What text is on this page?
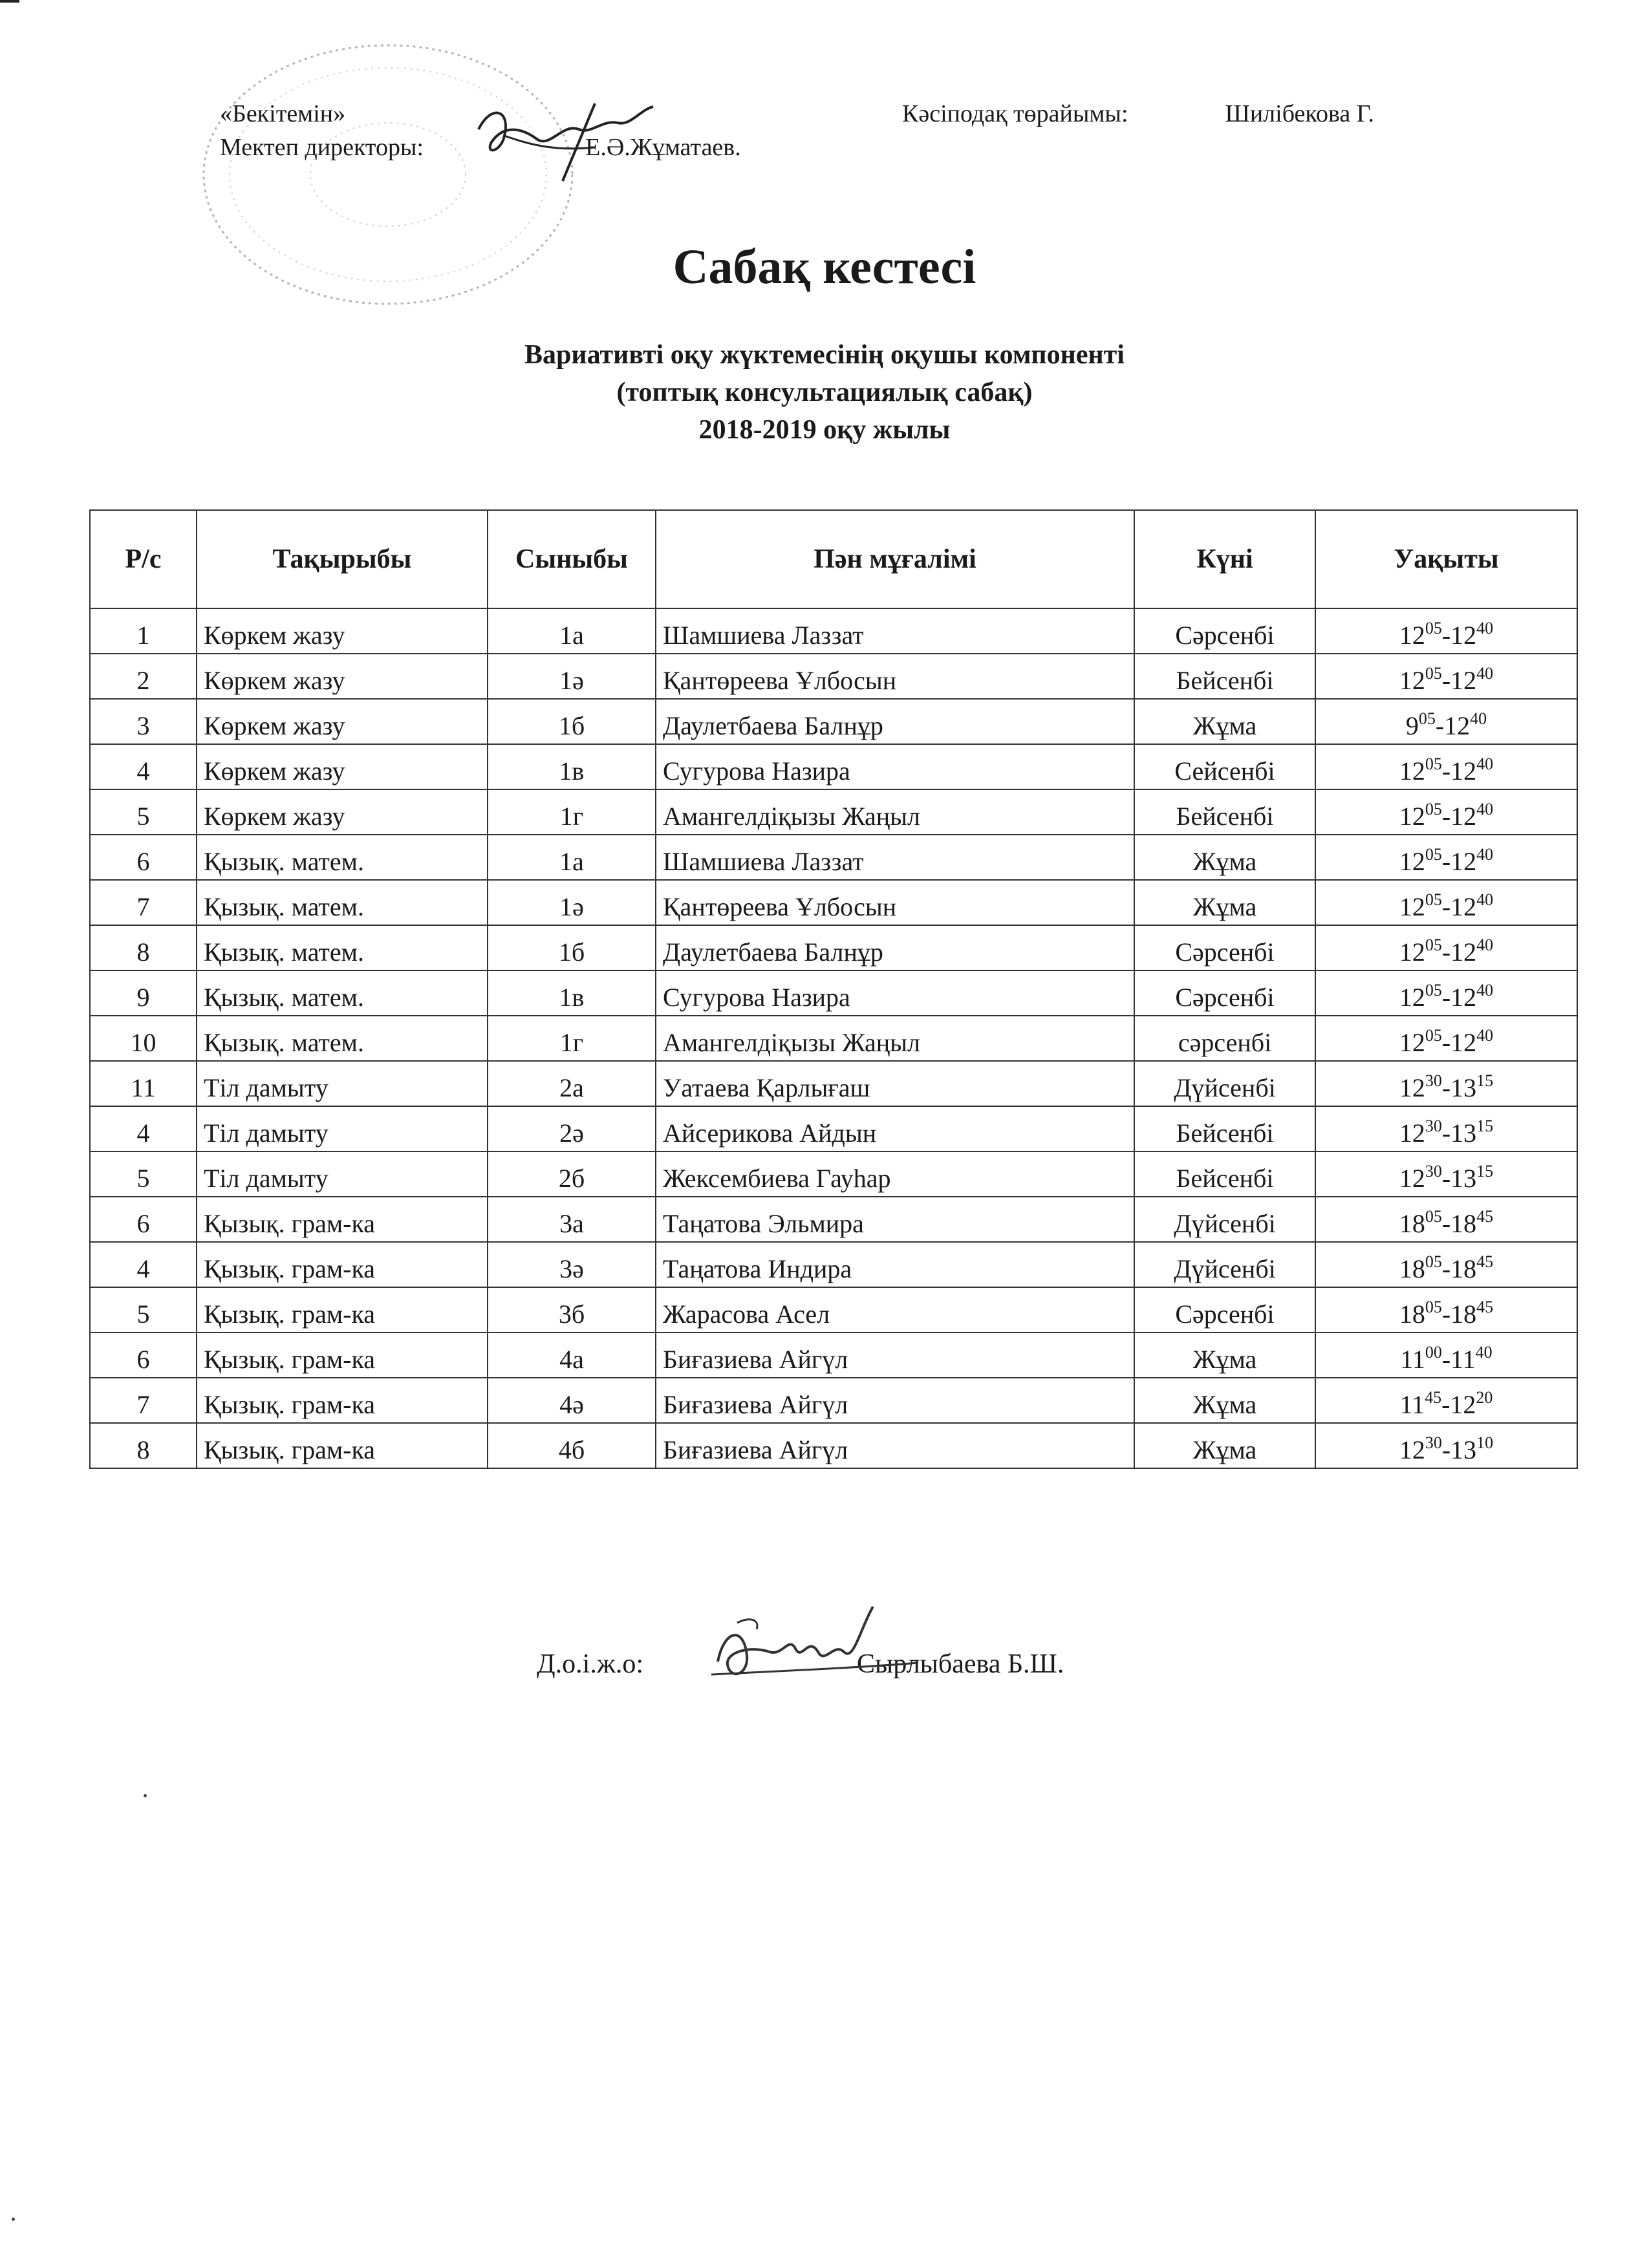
«Бекітемін»
Мектеп директоры:	Е.Ә.Жұматаев.
Кәсіподақ төрайымы:	Шилібекова Г.
Сабақ кестесі
Вариативті оқу жүктемесінің оқушы компоненті
(топтық консультациялық сабақ)
2018-2019 оқу жылы
Р/с	Тақырыбы	Сыныбы	Пән мұғалімі	Күні	Уақыты
1	Көркем жазу	1а	Шамшиева Лаззат	Сәрсенбі	$12^{05}-12^{40}$
2	Көркем жазу	1ә	Қантөреева Ұлбосын	Бейсенбі	$12^{05}-12^{40}$
3	Көркем жазу	1б	Даулетбаева Балнұр	Жұма	$9^{05}-12^{40}$
4	Көркем жазу	1в	Сугурова Назира	Сейсенбі	$12^{05}-12^{40}$
5	Көркем жазу	1г	Амангелдіқызы Жаңыл	Бейсенбі	$12^{05}-12^{40}$
6	Қызық. матем.	1а	Шамшиева Лаззат	Жұма	$12^{05}-12^{40}$
7	Қызық. матем.	1ә	Қантөреева Ұлбосын	Жұма	$12^{05}-12^{40}$
8	Қызық. матем.	1б	Даулетбаева Балнұр	Сәрсенбі	$12^{05}-12^{40}$
9	Қызық. матем.	1в	Сугурова Назира	Сәрсенбі	$12^{05}-12^{40}$
10	Қызық. матем.	1г	Амангелдіқызы Жаңыл	сәрсенбі	$12^{05}-12^{40}$
11	Тіл дамыту	2а	Уатаева Қарлығаш	Дүйсенбі	$12^{30}-13^{15}$
4	Тіл дамыту	2ә	Айсерикова Айдын	Бейсенбі	$12^{30}-13^{15}$
5	Тіл дамыту	2б	Жексембиева Гауһар	Бейсенбі	$12^{30}-13^{15}$
6	Қызық. грам-ка	3а	Таңатова Эльмира	Дүйсенбі	$18^{05}-18^{45}$
4	Қызық. грам-ка	3ә	Таңатова Индира	Дүйсенбі	$18^{05}-18^{45}$
5	Қызық. грам-ка	3б	Жарасова Асел	Сәрсенбі	$18^{05}-18^{45}$
6	Қызық. грам-ка	4а	Биғазиева Айгүл	Жұма	$11^{00}-11^{40}$
7	Қызық. грам-ка	4ә	Биғазиева Айгүл	Жұма	$11^{45}-12^{20}$
8	Қызық. грам-ка	4б	Биғазиева Айгүл	Жұма	$12^{30}-13^{10}$
Д.о.і.ж.о:	Сырлыбаева Б.Ш.
